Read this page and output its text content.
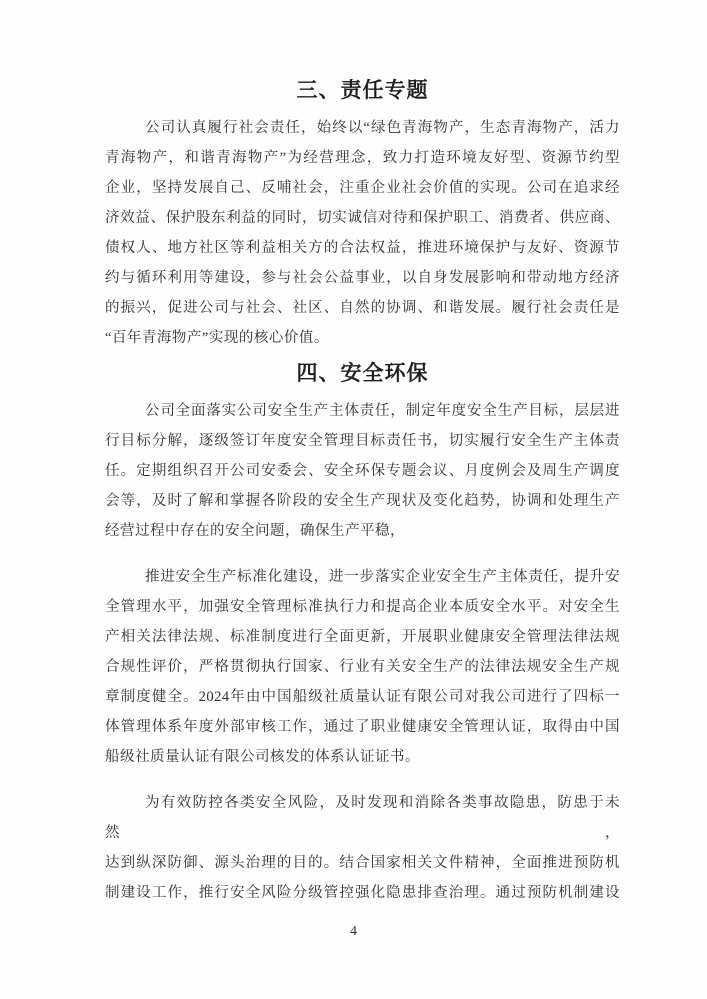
三、责任专题
公司认真履行社会责任，始终以“绿色青海物产，生态青海物产，活力
青海物产，和谐青海物产”为经营理念，致力打造环境友好型、资源节约型
企业，坚持发展自己、反哺社会，注重企业社会价值的实现。公司在追求经
济效益、保护股东利益的同时，切实诚信对待和保护职工、消费者、供应商、
债权人、地方社区等利益相关方的合法权益，推进环境保护与友好、资源节
约与循环利用等建设，参与社会公益事业，以自身发展影响和带动地方经济
的振兴，促进公司与社会、社区、自然的协调、和谐发展。履行社会责任是
“百年青海物产”实现的核心价值。
四、安全环保
公司全面落实公司安全生产主体责任，制定年度安全生产目标，层层进
行目标分解，逐级签订年度安全管理目标责任书，切实履行安全生产主体责
任。定期组织召开公司安委会、安全环保专题会议、月度例会及周生产调度
会等，及时了解和掌握各阶段的安全生产现状及变化趋势，协调和处理生产
经营过程中存在的安全问题，确保生产平稳，
推进安全生产标准化建设，进一步落实企业安全生产主体责任，提升安
全管理水平，加强安全管理标准执行力和提高企业本质安全水平。对安全生
产相关法律法规、标准制度进行全面更新，开展职业健康安全管理法律法规
合规性评价，严格贯彻执行国家、行业有关安全生产的法律法规安全生产规
章制度健全。2024年由中国船级社质量认证有限公司对我公司进行了四标一
体管理体系年度外部审核工作，通过了职业健康安全管理认证，取得由中国
船级社质量认证有限公司核发的体系认证证书。
为有效防控各类安全风险，及时发现和消除各类事故隐患，防患于未然，
达到纵深防御、源头治理的目的。结合国家相关文件精神，全面推进预防机
制建设工作，推行安全风险分级管控强化隐患排查治理。通过预防机制建设
4
